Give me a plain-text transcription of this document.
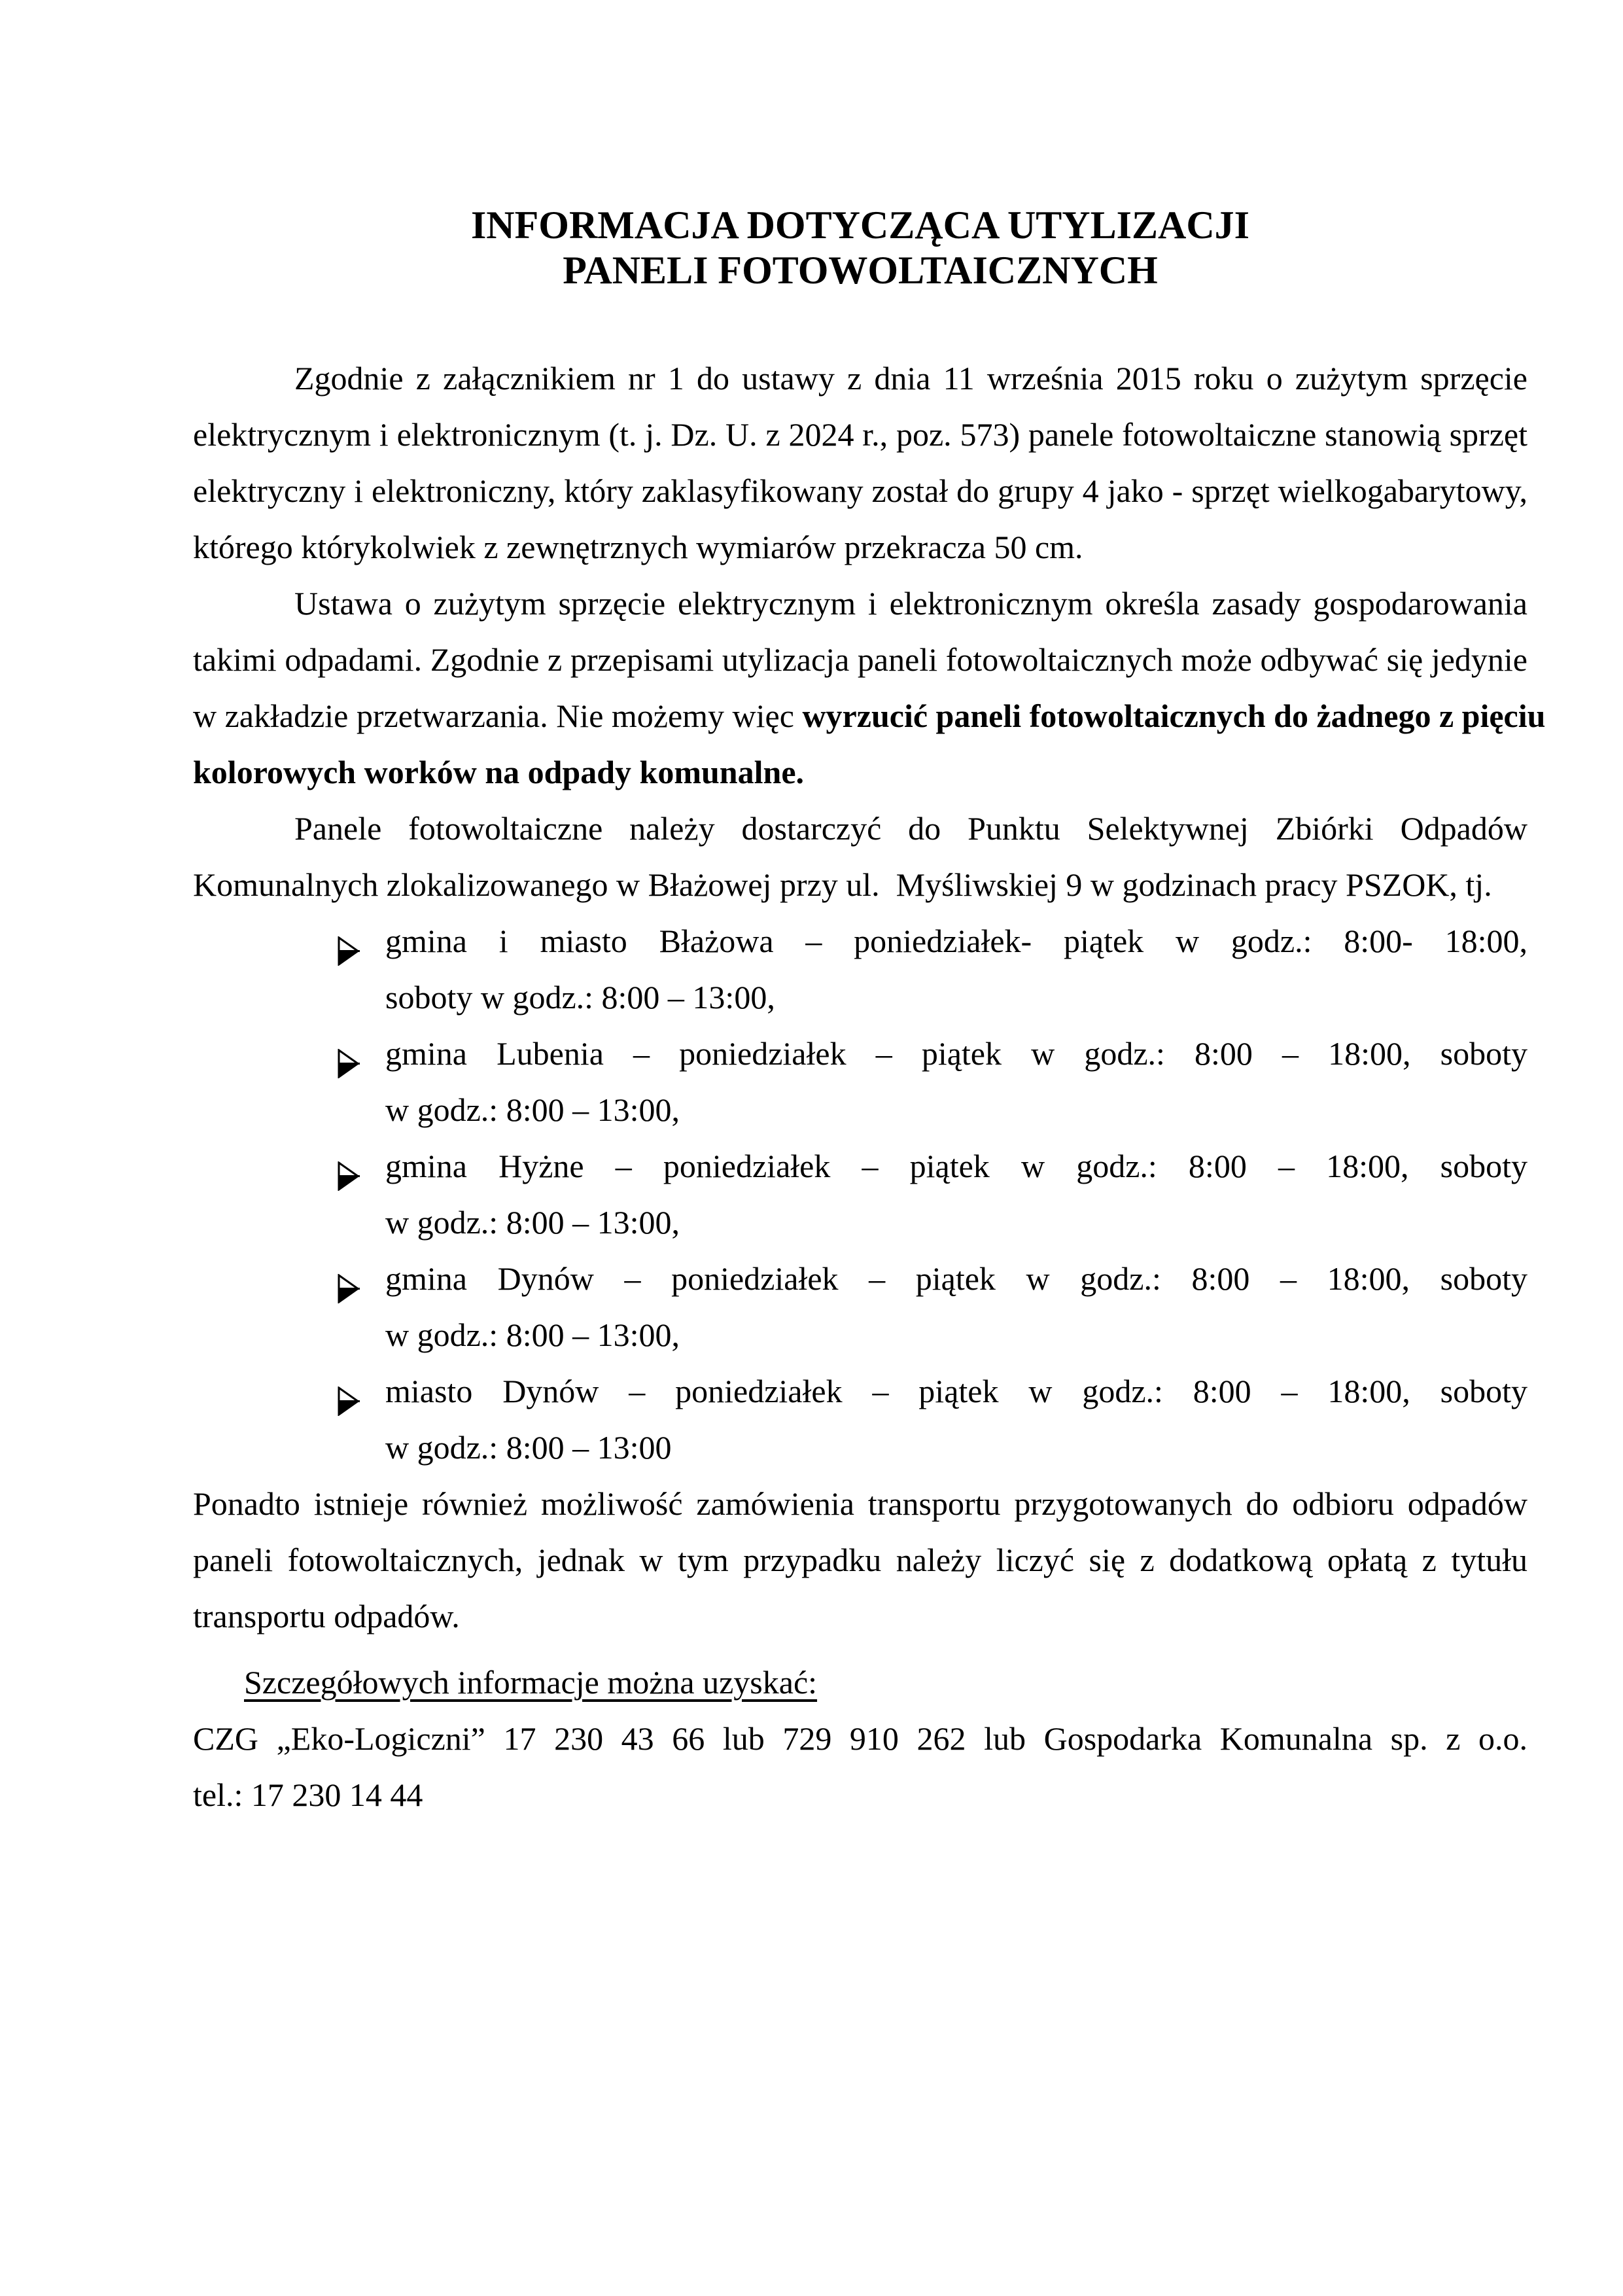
INFORMACJA DOTYCZĄCA UTYLIZACJI
PANELI FOTOWOLTAICZNYCH
Zgodnie z załącznikiem nr 1 do ustawy z dnia 11 września 2015 roku o zużytym sprzęcie
elektrycznym i elektronicznym (t. j. Dz. U. z 2024 r., poz. 573) panele fotowoltaiczne stanowią sprzęt
elektryczny i elektroniczny, który zaklasyfikowany został do grupy 4 jako - sprzęt wielkogabarytowy,
którego którykolwiek z zewnętrznych wymiarów przekracza 50 cm.
Ustawa o zużytym sprzęcie elektrycznym i elektronicznym określa zasady gospodarowania
takimi odpadami. Zgodnie z przepisami utylizacja paneli fotowoltaicznych może odbywać się jedynie
w zakładzie przetwarzania. Nie możemy więc wyrzucić paneli fotowoltaicznych do żadnego z pięciu
kolorowych worków na odpady komunalne.
Panele fotowoltaiczne należy dostarczyć do Punktu Selektywnej Zbiórki Odpadów
Komunalnych zlokalizowanego w Błażowej przy ul.  Myśliwskiej 9 w godzinach pracy PSZOK, tj.
gmina i miasto Błażowa – poniedziałek- piątek w godz.: 8:00- 18:00,
soboty w godz.: 8:00 – 13:00,
gmina Lubenia – poniedziałek – piątek w godz.: 8:00 – 18:00, soboty
w godz.: 8:00 – 13:00,
gmina Hyżne – poniedziałek – piątek w godz.: 8:00 – 18:00, soboty
w godz.: 8:00 – 13:00,
gmina Dynów – poniedziałek – piątek w godz.: 8:00 – 18:00, soboty
w godz.: 8:00 – 13:00,
miasto Dynów – poniedziałek – piątek w godz.: 8:00 – 18:00, soboty
w godz.: 8:00 – 13:00
Ponadto istnieje również możliwość zamówienia transportu przygotowanych do odbioru odpadów
paneli fotowoltaicznych, jednak w tym przypadku należy liczyć się z dodatkową opłatą z tytułu
transportu odpadów.
Szczegółowych informacje można uzyskać:
CZG „Eko-Logiczni” 17 230 43 66 lub 729 910 262 lub Gospodarka Komunalna sp. z o.o.
tel.: 17 230 14 44
